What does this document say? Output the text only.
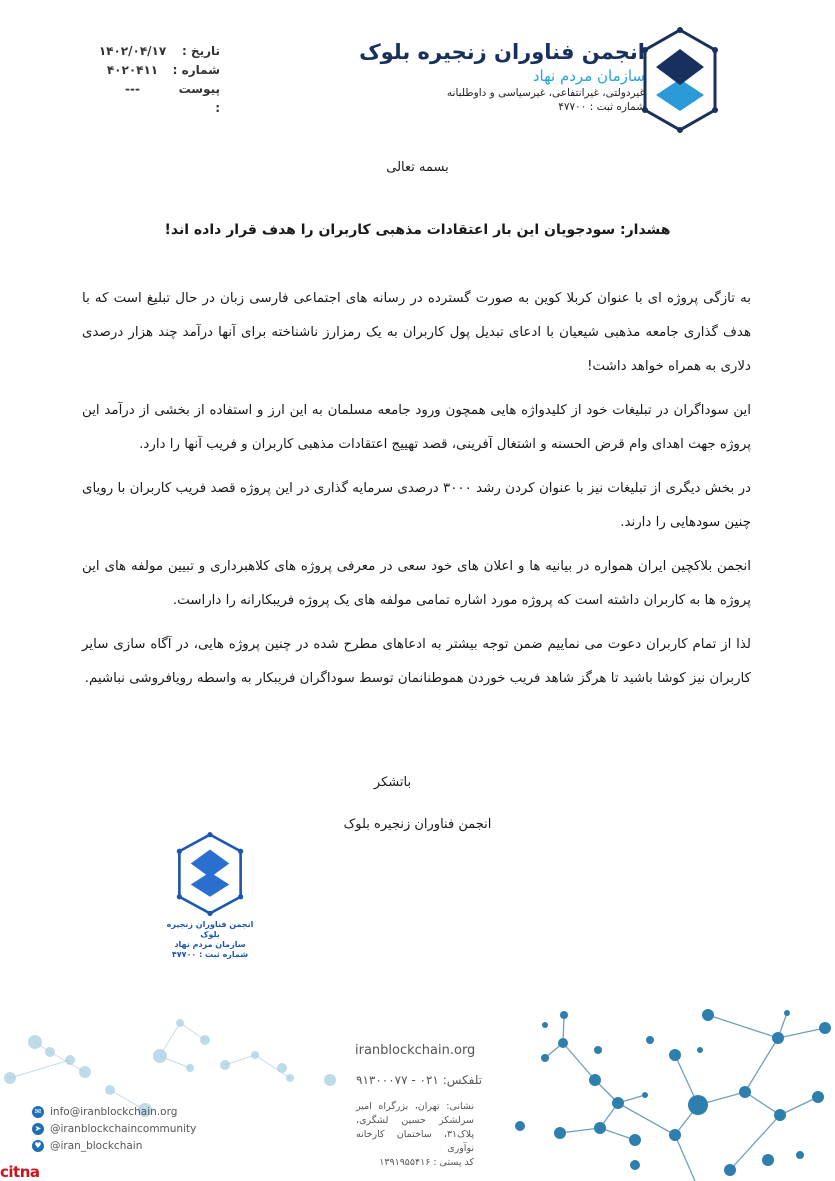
انجمن فناوران زنجیره بلوک
سازمان مردم نهاد
غیردولتی، غیرانتفاعی، غیرسیاسی و داوطلبانه
شماره ثبت : ۴۷۷۰۰
تاریخ :
۱۴۰۲/۰۴/۱۷
شماره :
۴۰۲۰۴۱۱
پیوست :
---
بسمه تعالی
هشدار: سودجویان این بار اعتقادات مذهبی کاربران را هدف قرار داده اند!

به تازگی پروژه ای با عنوان کربلا کوین به صورت گسترده در رسانه های اجتماعی فارسی زبان در حال تبلیغ است که با هدف گذاری جامعه مذهبی شیعیان با ادعای تبدیل پول کاربران به یک رمزارز ناشناخته برای آنها درآمد چند هزار درصدی دلاری به همراه خواهد داشت!

این سوداگران در تبلیغات خود از کلیدواژه هایی همچون ورود جامعه مسلمان به این ارز و استفاده از بخشی از درآمد این پروژه جهت اهدای وام قرض الحسنه و اشتغال آفرینی، قصد تهییج اعتقادات مذهبی کاربران و فریب آنها را دارد.

در بخش دیگری از تبلیغات نیز با عنوان کردن رشد ۳۰۰۰ درصدی سرمایه گذاری در این پروژه قصد فریب کاربران با رویای چنین سودهایی را دارند.

انجمن بلاکچین ایران همواره در بیانیه ها و اعلان های خود سعی در معرفی پروژه های کلاهبرداری و تبیین مولفه های این پروژه ها به کاربران داشته است که پروژه مورد اشاره تمامی مولفه های یک پروژه فریبکارانه را داراست.

لذا از تمام کاربران دعوت می نماییم ضمن توجه بیشتر به ادعاهای مطرح شده در چنین پروژه هایی، در آگاه سازی سایر کاربران نیز کوشا باشید تا هرگز شاهد فریب خوردن هموطنانمان توسط سوداگران فریبکار به واسطه رویافروشی نباشیم.

باتشکر
انجمن فناوران زنجیره بلوک
انجمن فناوران زنجیره بلوک
سازمان مردم نهاد
شماره ثبت : ۴۷۷۰۰
iranblockchain.org
تلفکس: ۰۲۱ - ۹۱۳۰۰۰۷۷
نشانی: تهران، بزرگراه امیر سرلشکر حسین لشگری، پلاک۳۱، ساختمان کارخانه نوآوری
کد پستی : ۱۳۹۱۹۵۵۴۱۶
✉ info@iranblockchain.org
➤ @iranblockchaincommunity
♥ @iran_blockchain
citna
